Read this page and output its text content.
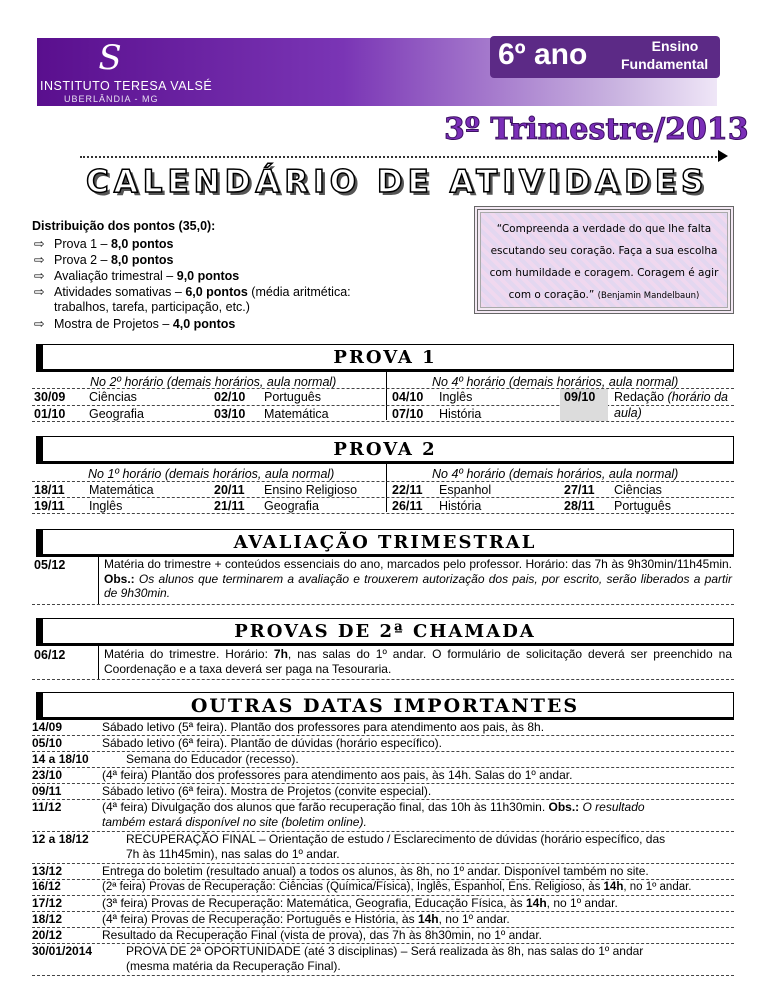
S
INSTITUTO TERESA VALSÉ
UBERLÂNDIA - MG
6º ano	Ensino
Fundamental
3º Trimestre/2013
CALENDÁRIO DE ATIVIDADES
Distribuição dos pontos (35,0):
⇨ Prova 1 – 8,0 pontos
⇨ Prova 2 – 8,0 pontos
⇨ Avaliação trimestral – 9,0 pontos
⇨ Atividades somativas – 6,0 pontos (média aritmética:
trabalhos, tarefa, participação, etc.)
⇨ Mostra de Projetos – 4,0 pontos
“Compreenda a verdade do que lhe falta escutando seu coração. Faça a sua escolha com humildade e coragem. Coragem é agir com o coração.” (Benjamin Mandelbaun)
PROVA 1
No 2º horário (demais horários, aula normal)	No 4º horário (demais horários, aula normal)
30/09 Ciências	02/10 Português	04/10 Inglês	09/10 Redação (horário da
aula)
01/10 Geografia	03/10 Matemática	07/10 História
PROVA 2
No 1º horário (demais horários, aula normal)	No 4º horário (demais horários, aula normal)
18/11 Matemática	20/11 Ensino Religioso	22/11 Espanhol	27/11 Ciências
19/11 Inglês	21/11 Geografia	26/11 História	28/11 Português
AVALIAÇÃO TRIMESTRAL
05/12	Matéria do trimestre + conteúdos essenciais do ano, marcados pelo professor. Horário: das 7h às 9h30min/11h45min. Obs.: Os alunos que terminarem a avaliação e trouxerem autorização dos pais, por escrito, serão liberados a partir de 9h30min.
PROVAS DE 2ª CHAMADA
06/12	Matéria do trimestre. Horário: 7h, nas salas do 1º andar. O formulário de solicitação deverá ser preenchido na Coordenação e a taxa deverá ser paga na Tesouraria.
OUTRAS DATAS IMPORTANTES
14/09	Sábado letivo (5ª feira). Plantão dos professores para atendimento aos pais, às 8h.
05/10	Sábado letivo (6ª feira). Plantão de dúvidas (horário específico).
14 a 18/10	Semana do Educador (recesso).
23/10	(4ª feira) Plantão dos professores para atendimento aos pais, às 14h. Salas do 1º andar.
09/11	Sábado letivo (6ª feira). Mostra de Projetos (convite especial).
11/12	(4ª feira) Divulgação dos alunos que farão recuperação final, das 10h às 11h30min. Obs.: O resultado
também estará disponível no site (boletim online).
12 a 18/12	RECUPERAÇÃO FINAL – Orientação de estudo / Esclarecimento de dúvidas (horário específico, das
7h às 11h45min), nas salas do 1º andar.
13/12	Entrega do boletim (resultado anual) a todos os alunos, às 8h, no 1º andar. Disponível também no site.
16/12	(2ª feira) Provas de Recuperação: Ciências (Química/Física), Inglês, Espanhol, Ens. Religioso, às 14h, no 1º andar.
17/12	(3ª feira) Provas de Recuperação: Matemática, Geografia, Educação Física, às 14h, no 1º andar.
18/12	(4ª feira) Provas de Recuperação: Português e História, às 14h, no 1º andar.
20/12	Resultado da Recuperação Final (vista de prova), das 7h às 8h30min, no 1º andar.
30/01/2014	PROVA DE 2ª OPORTUNIDADE (até 3 disciplinas) – Será realizada às 8h, nas salas do 1º andar
(mesma matéria da Recuperação Final).
